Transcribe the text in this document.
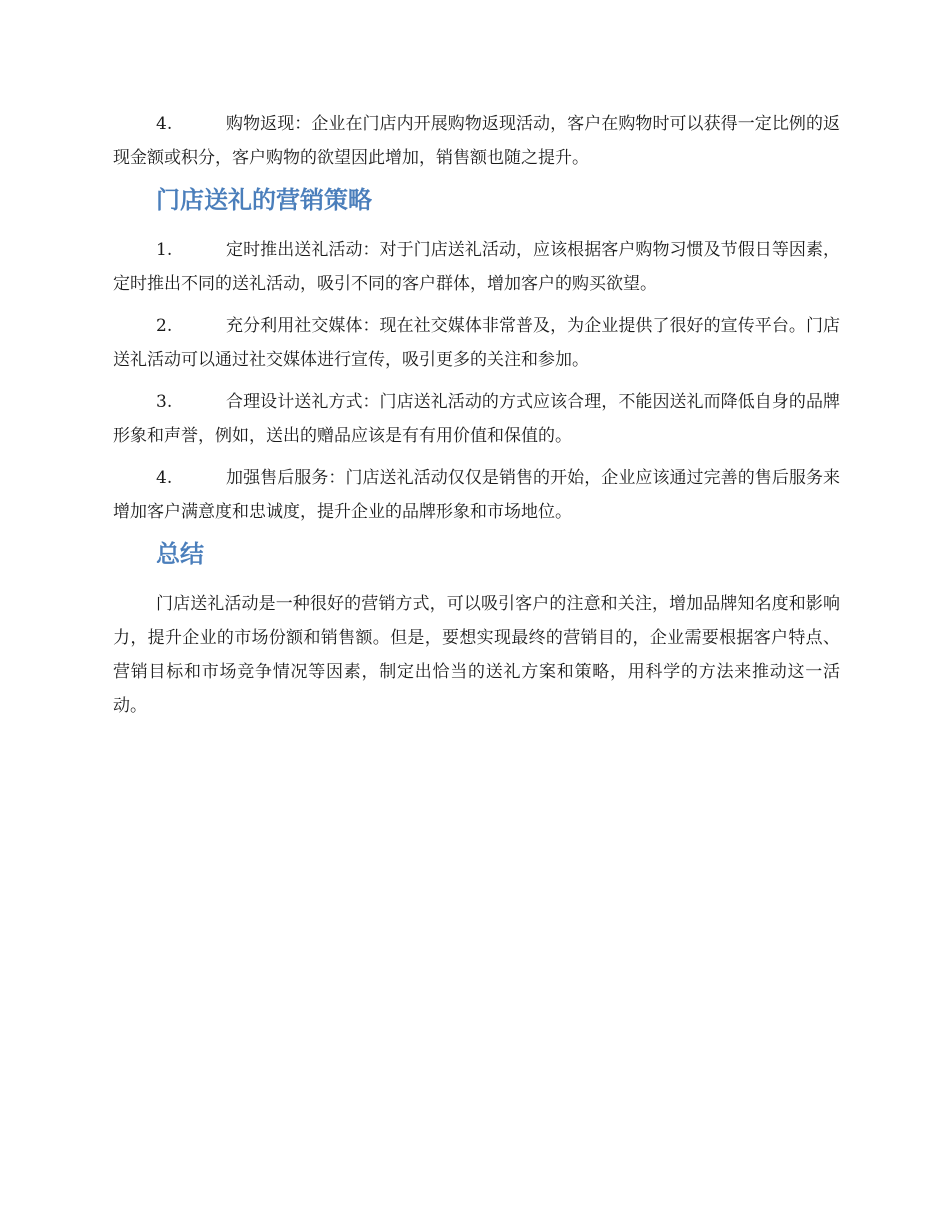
4.	购物返现：企业在门店内开展购物返现活动，客户在购物时可以获得一定比例的返现金额或积分，客户购物的欲望因此增加，销售额也随之提升。

门店送礼的营销策略

1.	定时推出送礼活动：对于门店送礼活动，应该根据客户购物习惯及节假日等因素，定时推出不同的送礼活动，吸引不同的客户群体，增加客户的购买欲望。

2.	充分利用社交媒体：现在社交媒体非常普及，为企业提供了很好的宣传平台。门店送礼活动可以通过社交媒体进行宣传，吸引更多的关注和参加。

3.	合理设计送礼方式：门店送礼活动的方式应该合理，不能因送礼而降低自身的品牌形象和声誉，例如，送出的赠品应该是有有用价值和保值的。

4.	加强售后服务：门店送礼活动仅仅是销售的开始，企业应该通过完善的售后服务来增加客户满意度和忠诚度，提升企业的品牌形象和市场地位。

总结

门店送礼活动是一种很好的营销方式，可以吸引客户的注意和关注，增加品牌知名度和影响力，提升企业的市场份额和销售额。但是，要想实现最终的营销目的，企业需要根据客户特点、营销目标和市场竞争情况等因素，制定出恰当的送礼方案和策略，用科学的方法来推动这一活动。
